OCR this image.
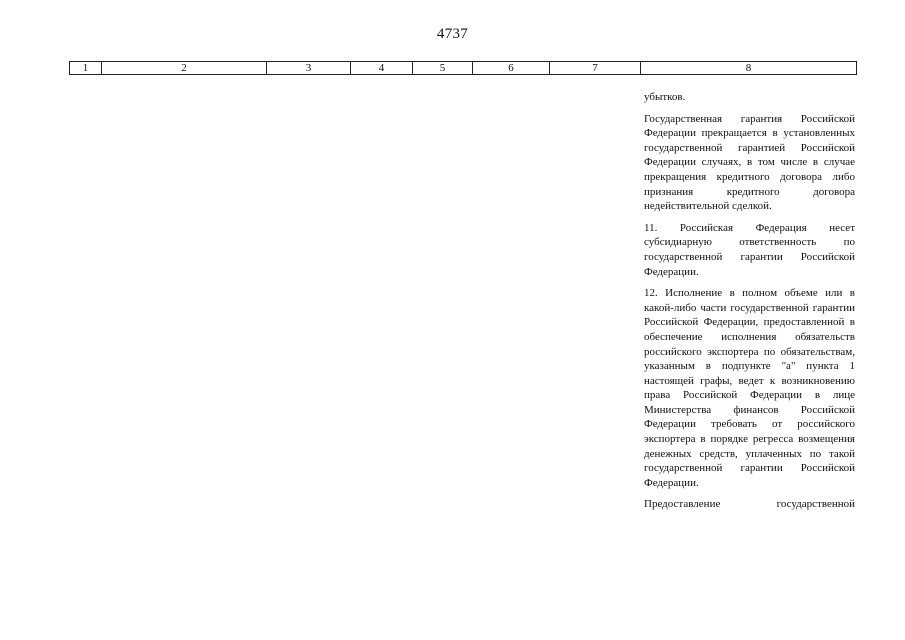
4737
1	2	3	4	5	6	7	8

убытков.

Государственная гарантия Российской Федерации прекращается в установленных государственной гарантией Российской Федерации случаях, в том числе в случае прекращения кредитного договора либо признания кредитного договора недействительной сделкой.

11. Российская Федерация несет субсидиарную ответственность по государственной гарантии Российской Федерации.

12. Исполнение в полном объеме или в какой-либо части государственной гарантии Российской Федерации, предоставленной в обеспечение исполнения обязательств российского экспортера по обязательствам, указанным в подпункте "а" пункта 1 настоящей графы, ведет к возникновению права Российской Федерации в лице Министерства финансов Российской Федерации требовать от российского экспортера в порядке регресса возмещения денежных средств, уплаченных по такой государственной гарантии Российской Федерации.

Предоставление государственной
